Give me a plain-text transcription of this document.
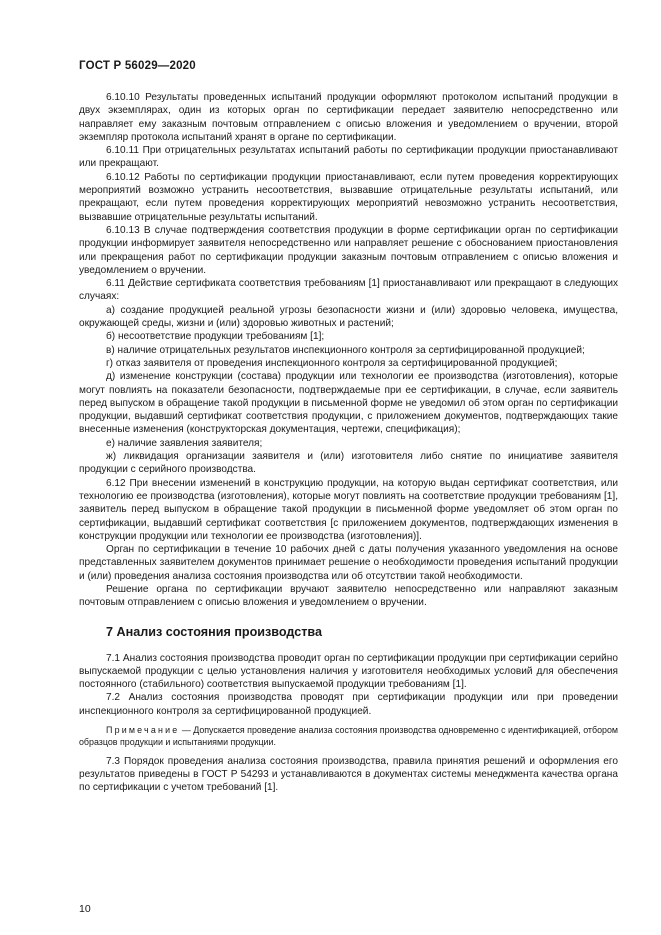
ГОСТ Р 56029—2020

6.10.10 Результаты проведенных испытаний продукции оформляют протоколом испытаний продукции в двух экземплярах, один из которых орган по сертификации передает заявителю непосредственно или направляет ему заказным почтовым отправлением с описью вложения и уведомлением о вручении, второй экземпляр протокола испытаний хранят в органе по сертификации.

6.10.11 При отрицательных результатах испытаний работы по сертификации продукции приостанавливают или прекращают.

6.10.12 Работы по сертификации продукции приостанавливают, если путем проведения корректирующих мероприятий возможно устранить несоответствия, вызвавшие отрицательные результаты испытаний, или прекращают, если путем проведения корректирующих мероприятий невозможно устранить несоответствия, вызвавшие отрицательные результаты испытаний.

6.10.13 В случае подтверждения соответствия продукции в форме сертификации орган по сертификации продукции информирует заявителя непосредственно или направляет решение с обоснованием приостановления или прекращения работ по сертификации продукции заказным почтовым отправлением с описью вложения и уведомлением о вручении.

6.11 Действие сертификата соответствия требованиям [1] приостанавливают или прекращают в следующих случаях:

а) создание продукцией реальной угрозы безопасности жизни и (или) здоровью человека, имущества, окружающей среды, жизни и (или) здоровью животных и растений;

б) несоответствие продукции требованиям [1];

в) наличие отрицательных результатов инспекционного контроля за сертифицированной продукцией;

г) отказ заявителя от проведения инспекционного контроля за сертифицированной продукцией;

д) изменение конструкции (состава) продукции или технологии ее производства (изготовления), которые могут повлиять на показатели безопасности, подтверждаемые при ее сертификации, в случае, если заявитель перед выпуском в обращение такой продукции в письменной форме не уведомил об этом орган по сертификации продукции, выдавший сертификат соответствия продукции, с приложением документов, подтверждающих такие внесенные изменения (конструкторская документация, чертежи, спецификация);

е) наличие заявления заявителя;

ж) ликвидация организации заявителя и (или) изготовителя либо снятие по инициативе заявителя продукции с серийного производства.

6.12 При внесении изменений в конструкцию продукции, на которую выдан сертификат соответствия, или технологию ее производства (изготовления), которые могут повлиять на соответствие продукции требованиям [1], заявитель перед выпуском в обращение такой продукции в письменной форме уведомляет об этом орган по сертификации, выдавший сертификат соответствия [с приложением документов, подтверждающих изменения в конструкции продукции или технологии ее производства (изготовления)].

Орган по сертификации в течение 10 рабочих дней с даты получения указанного уведомления на основе представленных заявителем документов принимает решение о необходимости проведения испытаний продукции и (или) проведения анализа состояния производства или об отсутствии такой необходимости.

Решение органа по сертификации вручают заявителю непосредственно или направляют заказным почтовым отправлением с описью вложения и уведомлением о вручении.

7 Анализ состояния производства

7.1 Анализ состояния производства проводит орган по сертификации продукции при сертификации серийно выпускаемой продукции с целью установления наличия у изготовителя необходимых условий для обеспечения постоянного (стабильного) соответствия выпускаемой продукции требованиям [1].

7.2 Анализ состояния производства проводят при сертификации продукции или при проведении инспекционного контроля за сертифицированной продукцией.

Примечание — Допускается проведение анализа состояния производства одновременно с идентификацией, отбором образцов продукции и испытаниями продукции.

7.3 Порядок проведения анализа состояния производства, правила принятия решений и оформления его результатов приведены в ГОСТ Р 54293 и устанавливаются в документах системы менеджмента качества органа по сертификации с учетом требований [1].

10
